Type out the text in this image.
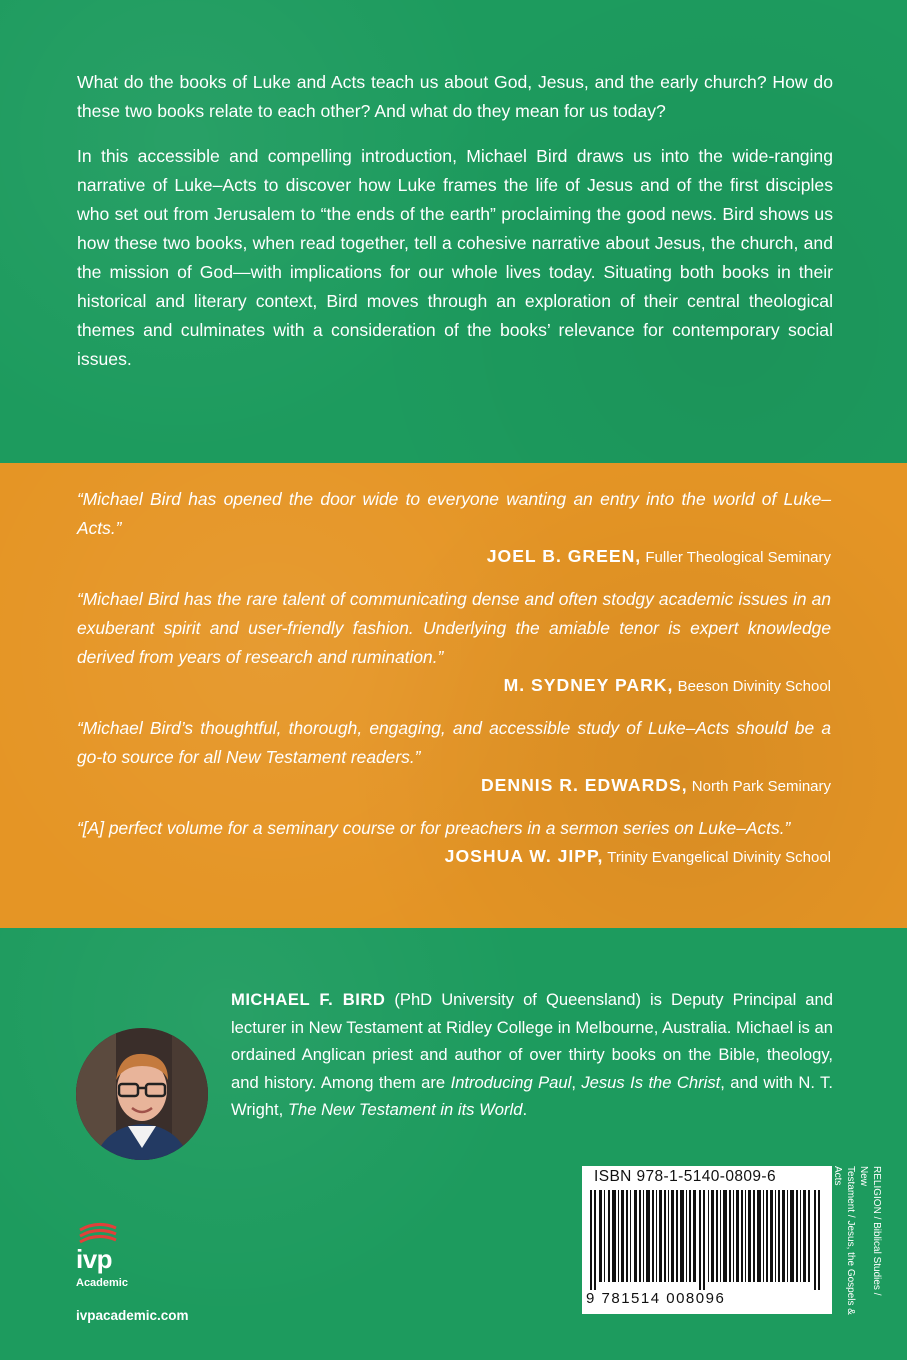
What do the books of Luke and Acts teach us about God, Jesus, and the early church? How do these two books relate to each other? And what do they mean for us today?

In this accessible and compelling introduction, Michael Bird draws us into the wide-ranging narrative of Luke–Acts to discover how Luke frames the life of Jesus and of the first disciples who set out from Jerusalem to “the ends of the earth” proclaiming the good news. Bird shows us how these two books, when read together, tell a cohesive narrative about Jesus, the church, and the mission of God—with implications for our whole lives today. Situating both books in their historical and literary context, Bird moves through an exploration of their central theological themes and culminates with a consideration of the books’ relevance for contemporary social issues.

“Michael Bird has opened the door wide to everyone wanting an entry into the world of Luke–Acts.”
JOEL B. GREEN, Fuller Theological Seminary
“Michael Bird has the rare talent of communicating dense and often stodgy academic issues in an exuberant spirit and user-friendly fashion. Underlying the amiable tenor is expert knowledge derived from years of research and rumination.”
M. SYDNEY PARK, Beeson Divinity School
“Michael Bird’s thoughtful, thorough, engaging, and accessible study of Luke–Acts should be a go-to source for all New Testament readers.”
DENNIS R. EDWARDS, North Park Seminary
“[A] perfect volume for a seminary course or for preachers in a sermon series on Luke–Acts.”
JOSHUA W. JIPP, Trinity Evangelical Divinity School
MICHAEL F. BIRD (PhD University of Queensland) is Deputy Principal and lecturer in New Testament at Ridley College in Melbourne, Australia. Michael is an ordained Anglican priest and author of over thirty books on the Bible, theology, and history. Among them are Introducing Paul, Jesus Is the Christ, and with N. T. Wright, The New Testament in its World.
ISBN 978-1-5140-0809-6
9 781514 008096
RELIGION / Biblical Studies / New
Testament / Jesus, the Gospels & Acts
ivp
Academic
ivpacademic.com
